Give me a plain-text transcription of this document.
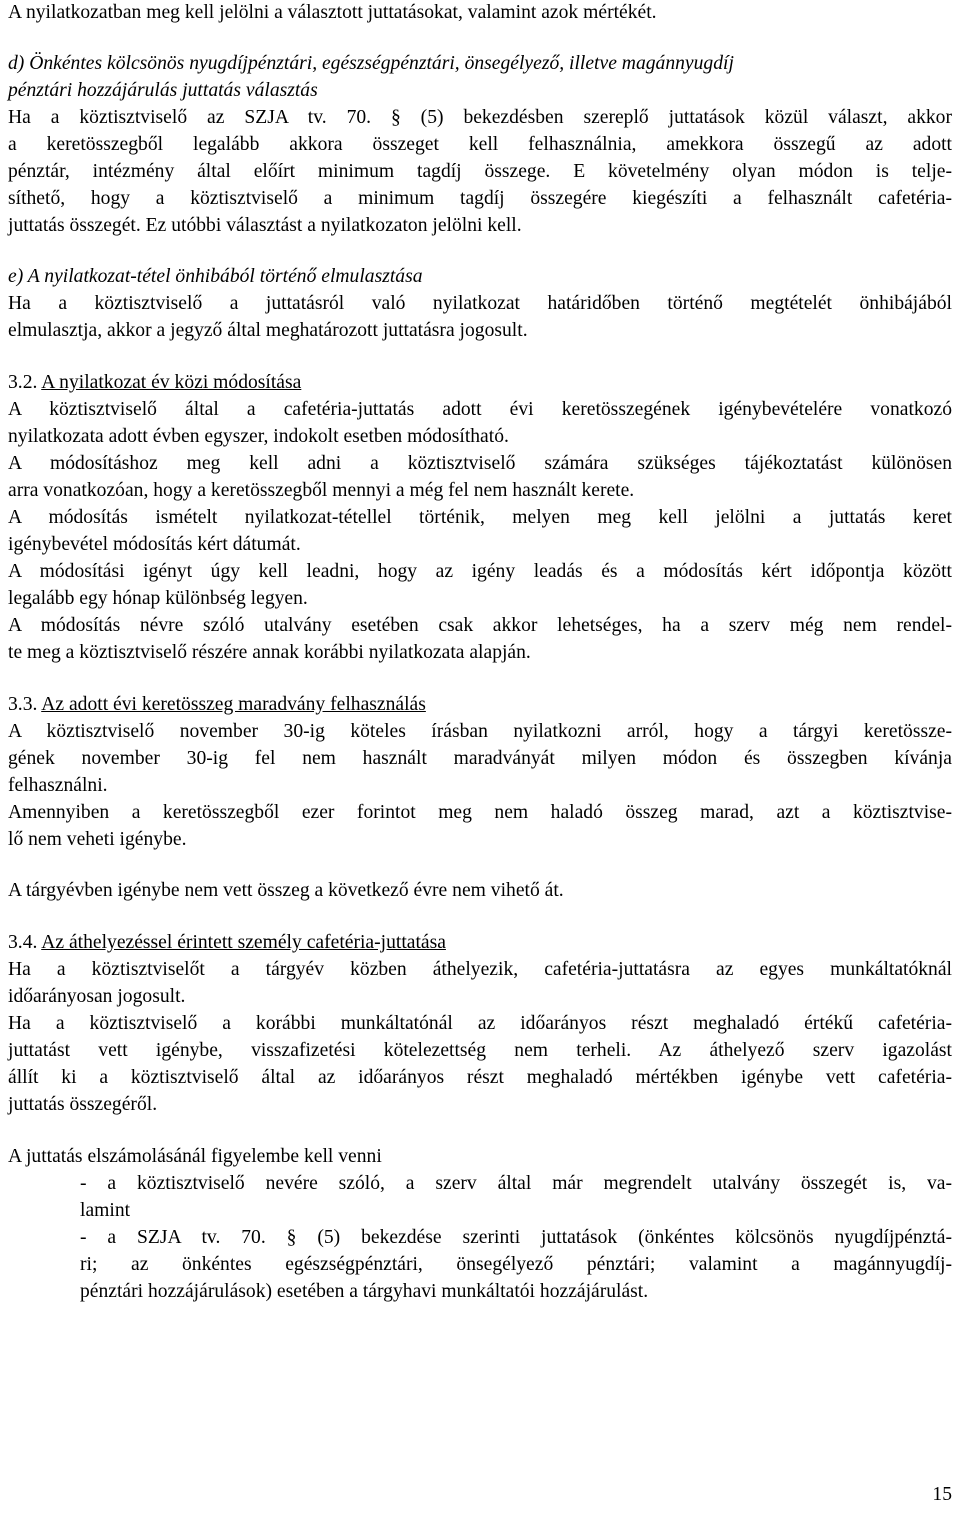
A nyilatkozatban meg kell jelölni a választott juttatásokat, valamint azok mértékét.
d) Önkéntes kölcsönös nyugdíjpénztári, egészségpénztári, önsegélyező, illetve magánnyugdíj
pénztári hozzájárulás juttatás választás
Ha a köztisztviselő az SZJA tv. 70. § (5) bekezdésben szereplő juttatások közül választ, akkor
a keretösszegből legalább akkora összeget kell felhasználnia, amekkora összegű az adott
pénztár, intézmény által előírt minimum tagdíj összege. E követelmény olyan módon is telje-
síthető, hogy a köztisztviselő a minimum tagdíj összegére kiegészíti a felhasznált cafetéria-
juttatás összegét. Ez utóbbi választást a nyilatkozaton jelölni kell.
e) A nyilatkozat-tétel önhibából történő elmulasztása
Ha a köztisztviselő a juttatásról való nyilatkozat határidőben történő megtételét önhibájából
elmulasztja, akkor a jegyző által meghatározott juttatásra jogosult.
3.2. A nyilatkozat év közi módosítása
A köztisztviselő által a cafetéria-juttatás adott évi keretösszegének igénybevételére vonatkozó
nyilatkozata adott évben egyszer, indokolt esetben módosítható.
A módosításhoz meg kell adni a köztisztviselő számára szükséges tájékoztatást különösen
arra vonatkozóan, hogy a keretösszegből mennyi a még fel nem használt kerete.
A módosítás ismételt nyilatkozat-tétellel történik, melyen meg kell jelölni a juttatás keret
igénybevétel módosítás kért dátumát.
A módosítási igényt úgy kell leadni, hogy az igény leadás és a módosítás kért időpontja között
legalább egy hónap különbség legyen.
A módosítás névre szóló utalvány esetében csak akkor lehetséges, ha a szerv még nem rendel-
te meg a köztisztviselő részére annak korábbi nyilatkozata alapján.
3.3. Az adott évi keretösszeg maradvány felhasználás
A köztisztviselő november 30-ig köteles írásban nyilatkozni arról, hogy a tárgyi keretössze-
gének november 30-ig fel nem használt maradványát milyen módon és összegben kívánja
felhasználni.
Amennyiben a keretösszegből ezer forintot meg nem haladó összeg marad, azt a köztisztvise-
lő nem veheti igénybe.
A tárgyévben igénybe nem vett összeg a következő évre nem vihető át.
3.4. Az áthelyezéssel érintett személy cafetéria-juttatása
Ha a köztisztviselőt a tárgyév közben áthelyezik, cafetéria-juttatásra az egyes munkáltatóknál
időarányosan jogosult.
Ha a köztisztviselő a korábbi munkáltatónál az időarányos részt meghaladó értékű cafetéria-
juttatást vett igénybe, visszafizetési kötelezettség nem terheli. Az áthelyező szerv igazolást
állít ki a köztisztviselő által az időarányos részt meghaladó mértékben igénybe vett cafetéria-
juttatás összegéről.
A juttatás elszámolásánál figyelembe kell venni
- a köztisztviselő nevére szóló, a szerv által már megrendelt utalvány összegét is, va-
lamint
- a SZJA tv. 70. § (5) bekezdése szerinti juttatások (önkéntes kölcsönös nyugdíjpénztá-
ri; az önkéntes egészségpénztári, önsegélyező pénztári; valamint a magánnyugdíj-
pénztári hozzájárulások) esetében a tárgyhavi munkáltatói hozzájárulást.
15
